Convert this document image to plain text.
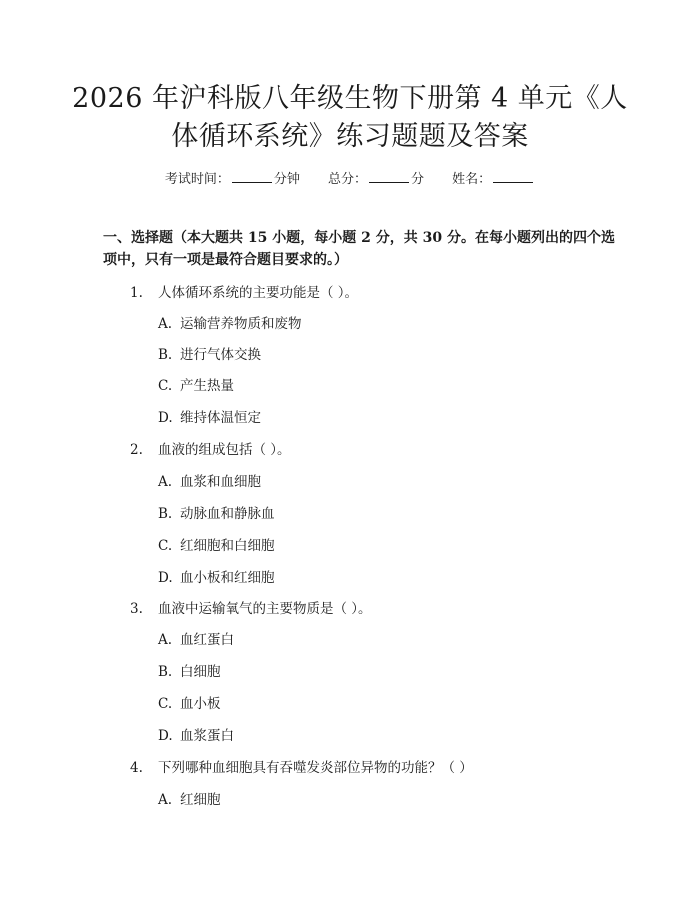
2026 年沪科版八年级生物下册第 4 单元《人
体循环系统》练习题题及答案
考试时间：	分钟 总分：	分 姓名：
一、选择题（本大题共 15 小题，每小题 2 分，共 30 分。在每小题列出的四个选
项中，只有一项是最符合题目要求的。）
1. 人体循环系统的主要功能是（ ）。
A. 运输营养物质和废物
B. 进行气体交换
C. 产生热量
D. 维持体温恒定
2. 血液的组成包括（ ）。
A. 血浆和血细胞
B. 动脉血和静脉血
C. 红细胞和白细胞
D. 血小板和红细胞
3. 血液中运输氧气的主要物质是（ ）。
A. 血红蛋白
B. 白细胞
C. 血小板
D. 血浆蛋白
4. 下列哪种血细胞具有吞噬发炎部位异物的功能？（ ）
A. 红细胞
